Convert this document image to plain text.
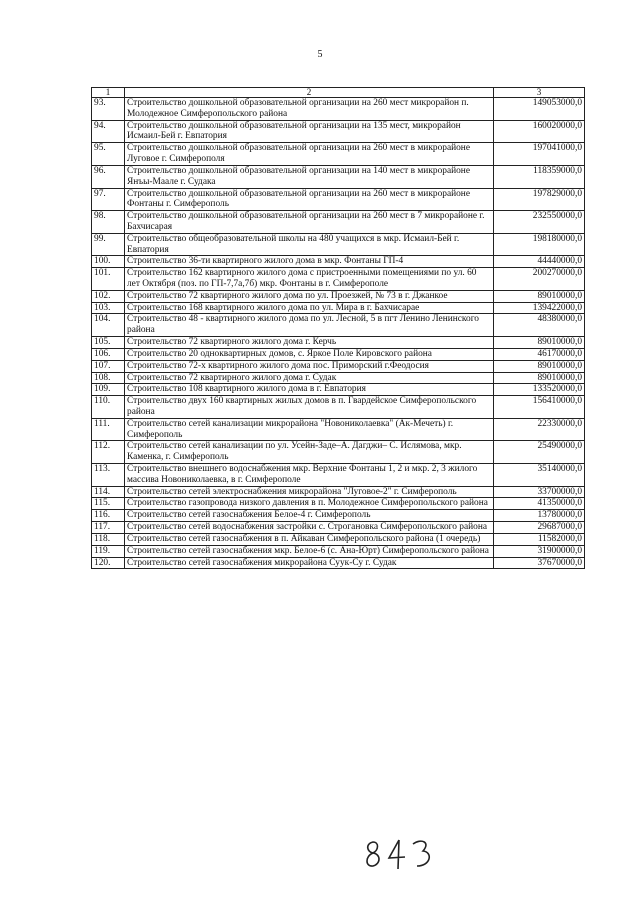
5
1	2	3
93.	Строительство дошкольной образовательной организации на 260 мест микрорайон п. Молодежное Симферопольского района	149053000,0
94.	Строительство дошкольной образовательной организации на 135 мест, микрорайон Исмаил-Бей г. Евпатория	160020000,0
95.	Строительство дошкольной образовательной организации на 260 мест в микрорайоне Луговое г. Симферополя	197041000,0
96.	Строительство дошкольной образовательной организации на 140 мест в микрорайоне Янъы-Маале г. Судака	118359000,0
97.	Строительство дошкольной образовательной организации на 260 мест в микрорайоне Фонтаны г. Симферополь	197829000,0
98.	Строительство дошкольной образовательной организации на 260 мест в 7 микрорайоне г. Бахчисарая	232550000,0
99.	Строительство общеобразовательной школы на 480 учащихся в мкр. Исмаил-Бей г. Евпатория	198180000,0
100.	Строительство 36-ти квартирного жилого дома в мкр. Фонтаны ГП-4	44440000,0
101.	Строительство 162 квартирного жилого дома с пристроенными помещениями по ул. 60 лет Октября (поз. по ГП-7,7а,7б) мкр. Фонтаны в г. Симферополе	200270000,0
102.	Строительство 72 квартирного жилого дома по ул. Проезжей, № 73 в г. Джанкое	89010000,0
103.	Строительство 168 квартирного жилого дома по ул. Мира в г. Бахчисарае	139422000,0
104.	Строительство 48 - квартирного жилого дома по ул. Лесной, 5 в пгт Ленино Ленинского района	48380000,0
105.	Строительство 72 квартирного жилого дома г. Керчь	89010000,0
106.	Строительство 20 одноквартирных домов, с. Яркое Поле Кировского района	46170000,0
107.	Строительство 72-х квартирного жилого дома пос. Приморский г.Феодосия	89010000,0
108.	Строительство 72 квартирного жилого дома г. Судак	89010000,0
109.	Строительство 108 квартирного жилого дома в г. Евпатория	133520000,0
110.	Строительство двух 160 квартирных жилых домов в п. Гвардейское Симферопольского района	156410000,0
111.	Строительство сетей канализации микрорайона "Новониколаевка" (Ак-Мечеть) г. Симферополь	22330000,0
112.	Строительство сетей канализации по ул. Усейн-Заде–А. Дагджи– С. Ислямова, мкр. Каменка, г. Симферополь	25490000,0
113.	Строительство внешнего водоснабжения мкр. Верхние Фонтаны 1, 2 и мкр. 2, 3 жилого массива Новониколаевка, в г. Симферополе	35140000,0
114.	Строительство сетей электроснабжения микрорайона "Луговое-2" г. Симферополь	33700000,0
115.	Строительство газопровода низкого давления в п. Молодежное Симферопольского района	41350000,0
116.	Строительство сетей газоснабжения Белое-4 г. Симферополь	13780000,0
117.	Строительство сетей водоснабжения застройки с. Строгановка Симферопольского района	29687000,0
118.	Строительство сетей газоснабжения в п. Айкаван Симферопольского района (1 очередь)	11582000,0
119.	Строительство сетей газоснабжения мкр. Белое-6 (с. Ана-Юрт) Симферопольского района	31900000,0
120.	Строительство сетей газоснабжения микрорайона Суук-Су г. Судак	37670000,0
